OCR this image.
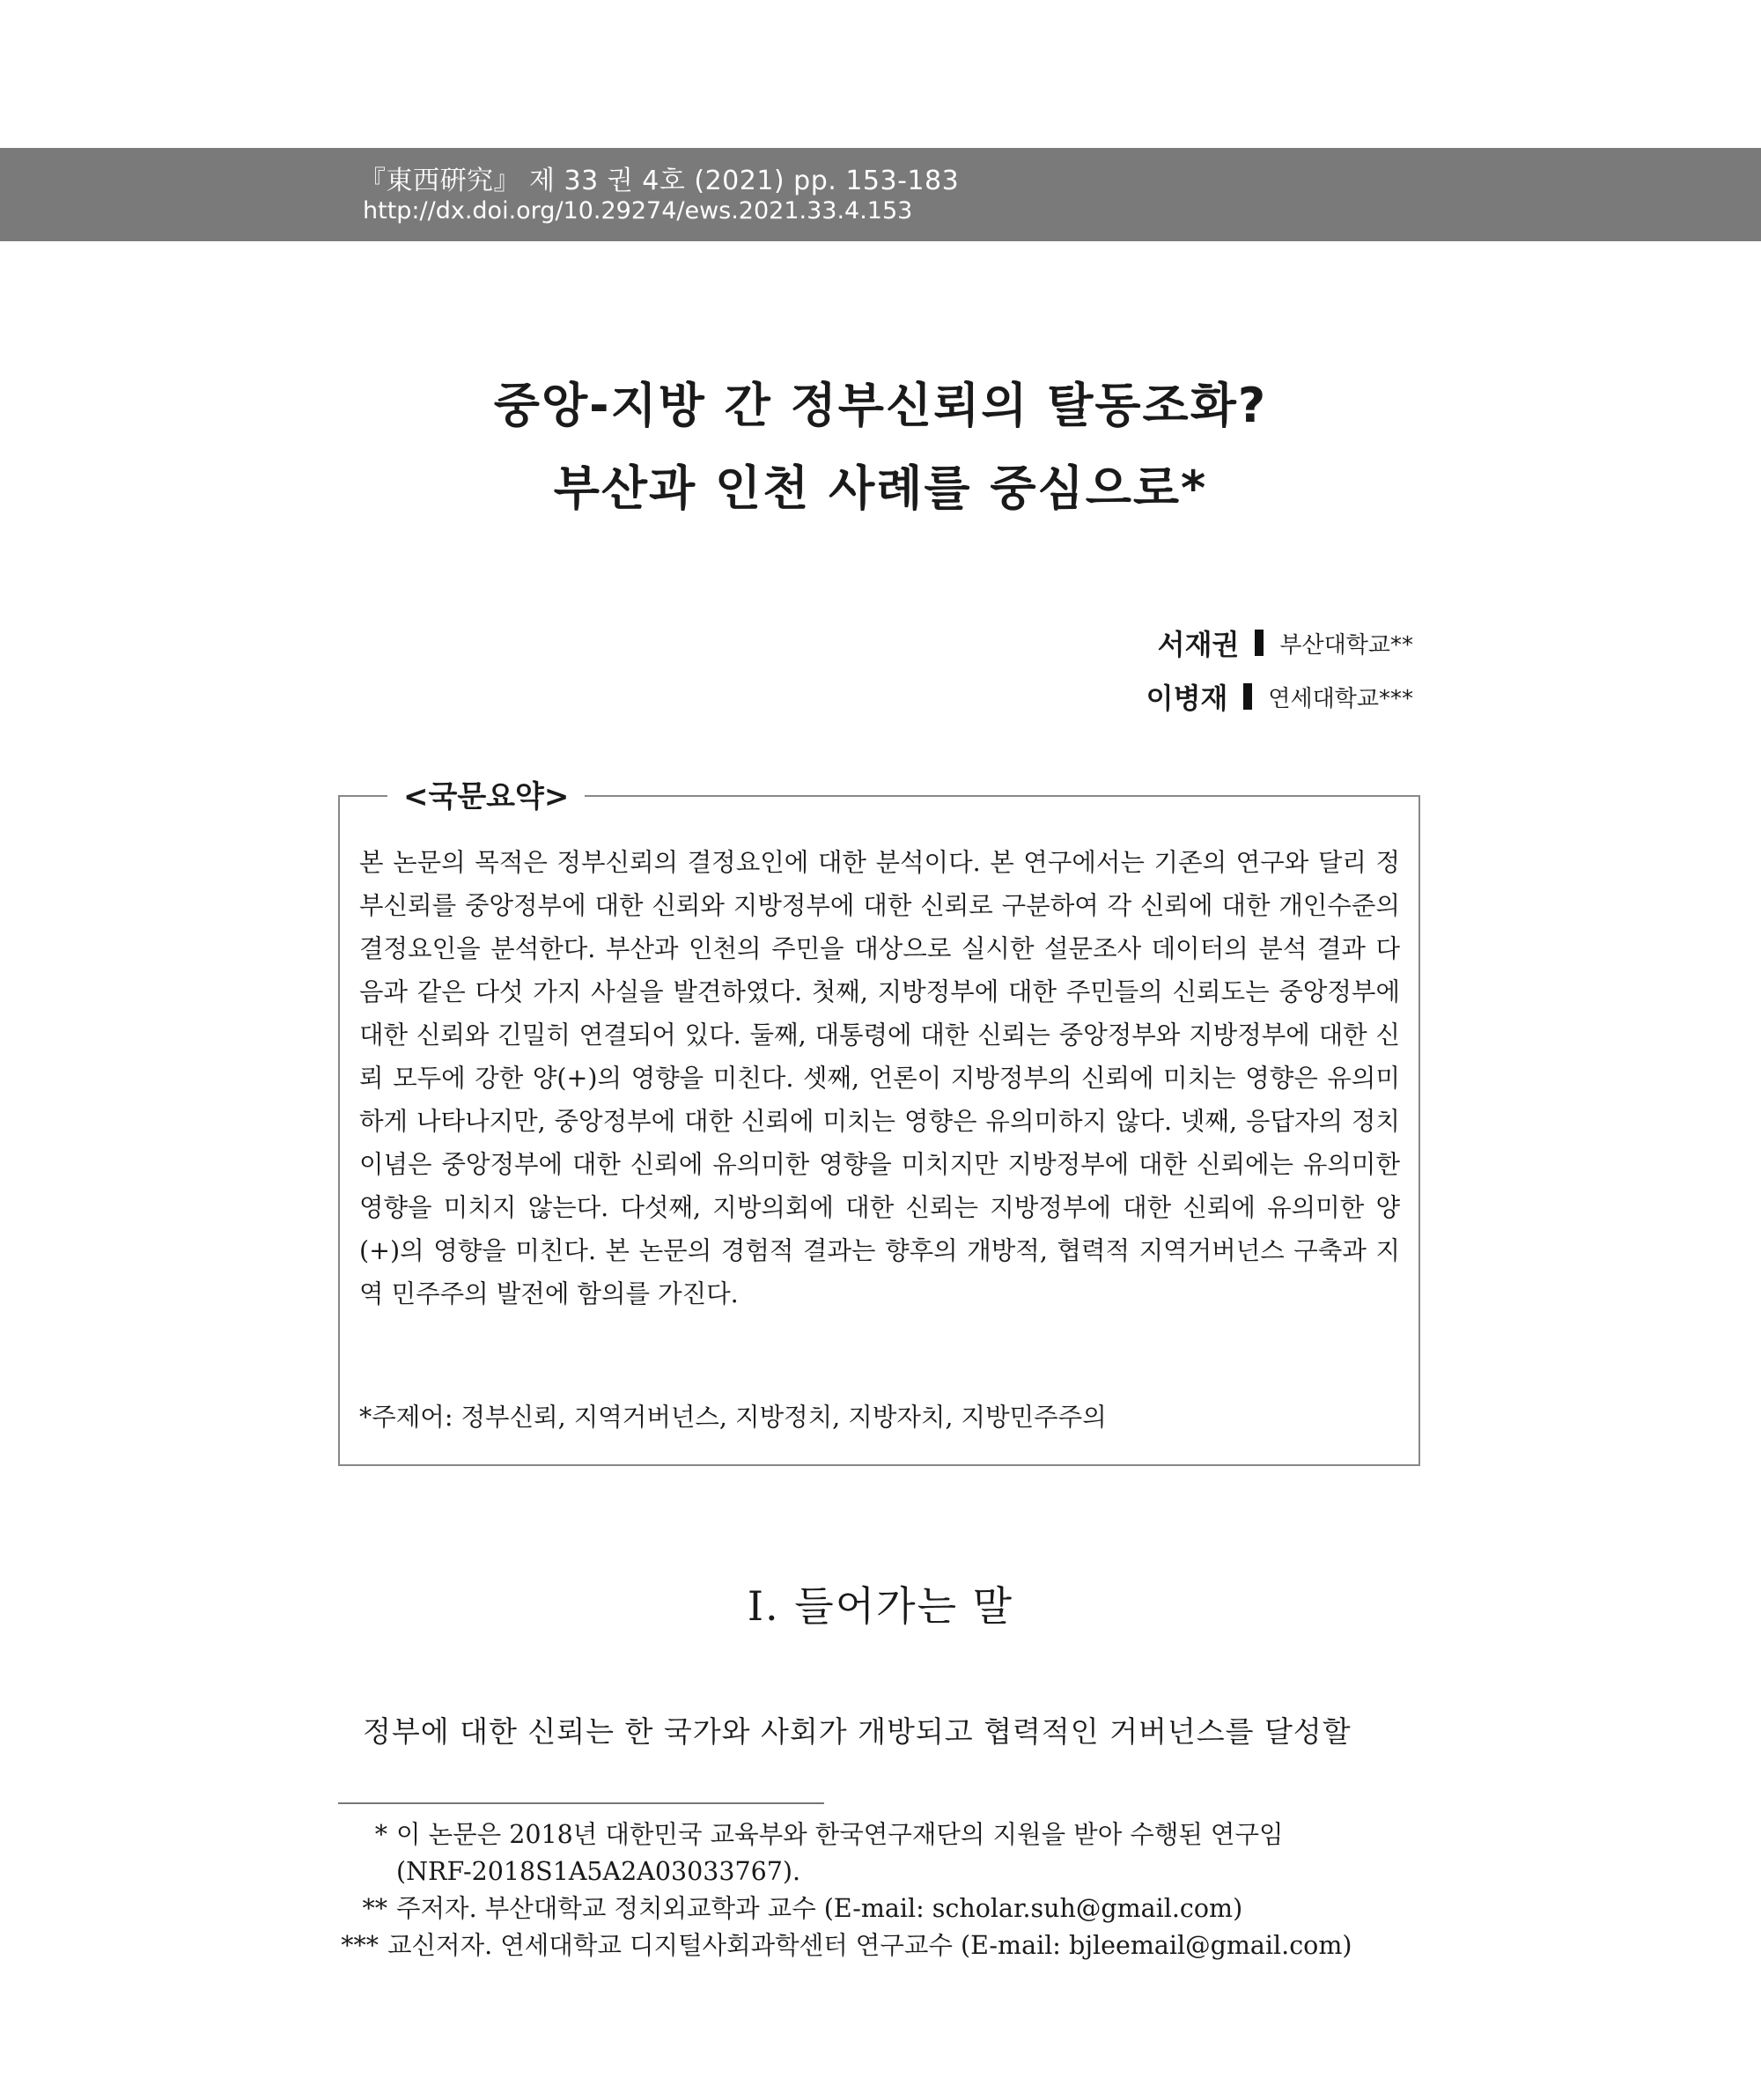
『東西硏究』 제 33 권 4호 (2021) pp. 153-183
http://dx.doi.org/10.29274/ews.2021.33.4.153
중앙-지방 간 정부신뢰의 탈동조화?
부산과 인천 사례를 중심으로*
서재권 부산대학교**
이병재 연세대학교***
<국문요약>
본 논문의 목적은 정부신뢰의 결정요인에 대한 분석이다. 본 연구에서는 기존의 연구와 달리 정부신뢰를 중앙정부에 대한 신뢰와 지방정부에 대한 신뢰로 구분하여 각 신뢰에 대한 개인수준의 결정요인을 분석한다. 부산과 인천의 주민을 대상으로 실시한 설문조사 데이터의 분석 결과 다음과 같은 다섯 가지 사실을 발견하였다. 첫째, 지방정부에 대한 주민들의 신뢰도는 중앙정부에 대한 신뢰와 긴밀히 연결되어 있다. 둘째, 대통령에 대한 신뢰는 중앙정부와 지방정부에 대한 신뢰 모두에 강한 양(+)의 영향을 미친다. 셋째, 언론이 지방정부의 신뢰에 미치는 영향은 유의미하게 나타나지만, 중앙정부에 대한 신뢰에 미치는 영향은 유의미하지 않다. 넷째, 응답자의 정치이념은 중앙정부에 대한 신뢰에 유의미한 영향을 미치지만 지방정부에 대한 신뢰에는 유의미한 영향을 미치지 않는다. 다섯째, 지방의회에 대한 신뢰는 지방정부에 대한 신뢰에 유의미한 양(+)의 영향을 미친다. 본 논문의 경험적 결과는 향후의 개방적, 협력적 지역거버넌스 구축과 지역 민주주의 발전에 함의를 가진다.
*주제어: 정부신뢰, 지역거버넌스, 지방정치, 지방자치, 지방민주주의
Ⅰ. 들어가는 말
정부에 대한 신뢰는 한 국가와 사회가 개방되고 협력적인 거버넌스를 달성할
* 이 논문은 2018년 대한민국 교육부와 한국연구재단의 지원을 받아 수행된 연구임
(NRF-2018S1A5A2A03033767).
** 주저자. 부산대학교 정치외교학과 교수 (E-mail: scholar.suh@gmail.com)
*** 교신저자. 연세대학교 디지털사회과학센터 연구교수 (E-mail: bjleemail@gmail.com)
